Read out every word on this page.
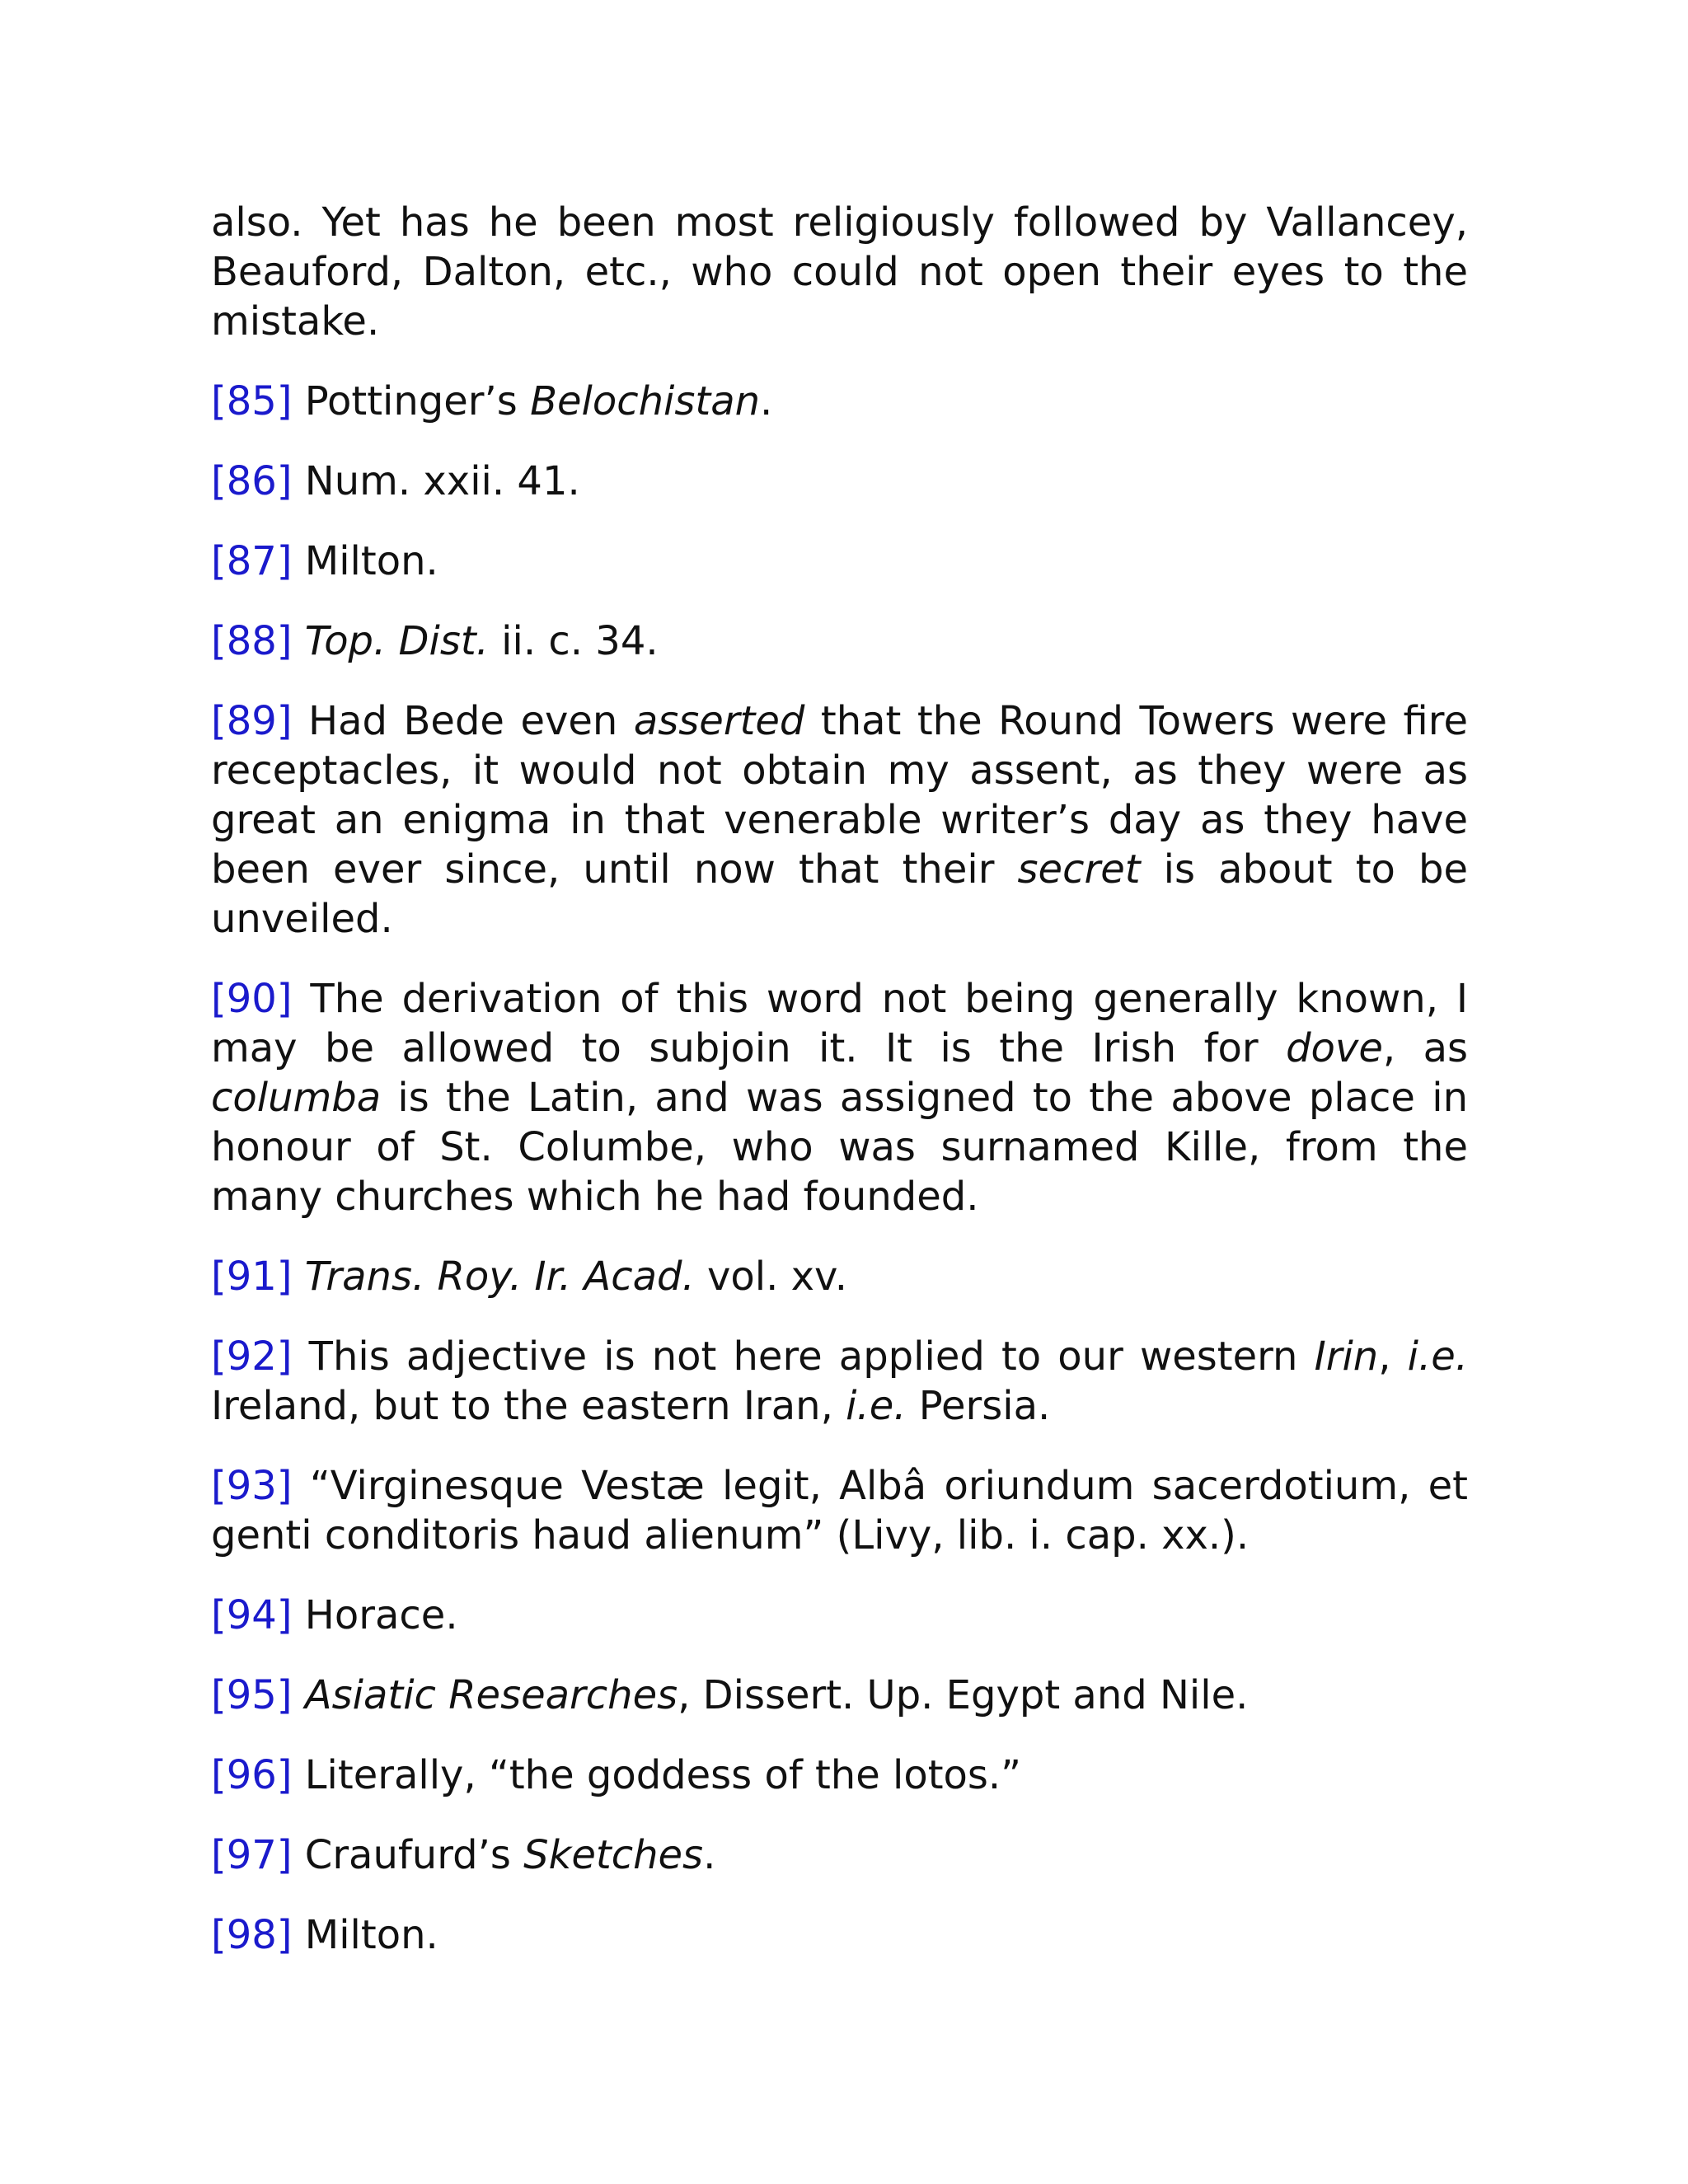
also. Yet has he been most religiously followed by Vallancey, Beauford, Dalton, etc., who could not open their eyes to the mistake.

[85] Pottinger’s Belochistan.

[86] Num. xxii. 41.

[87] Milton.

[88] Top. Dist. ii. c. 34.

[89] Had Bede even asserted that the Round Towers were fire receptacles, it would not obtain my assent, as they were as great an enigma in that venerable writer’s day as they have been ever since, until now that their secret is about to be unveiled.

[90] The derivation of this word not being generally known, I may be allowed to subjoin it. It is the Irish for dove, as columba is the Latin, and was assigned to the above place in honour of St. Columbe, who was surnamed Kille, from the many churches which he had founded.

[91] Trans. Roy. Ir. Acad. vol. xv.

[92] This adjective is not here applied to our western Irin, i.e. Ireland, but to the eastern Iran, i.e. Persia.

[93] “Virginesque Vestæ legit, Albâ oriundum sacerdotium, et genti conditoris haud alienum” (Livy, lib. i. cap. xx.).

[94] Horace.

[95] Asiatic Researches, Dissert. Up. Egypt and Nile.

[96] Literally, “the goddess of the lotos.”

[97] Craufurd’s Sketches.

[98] Milton.
